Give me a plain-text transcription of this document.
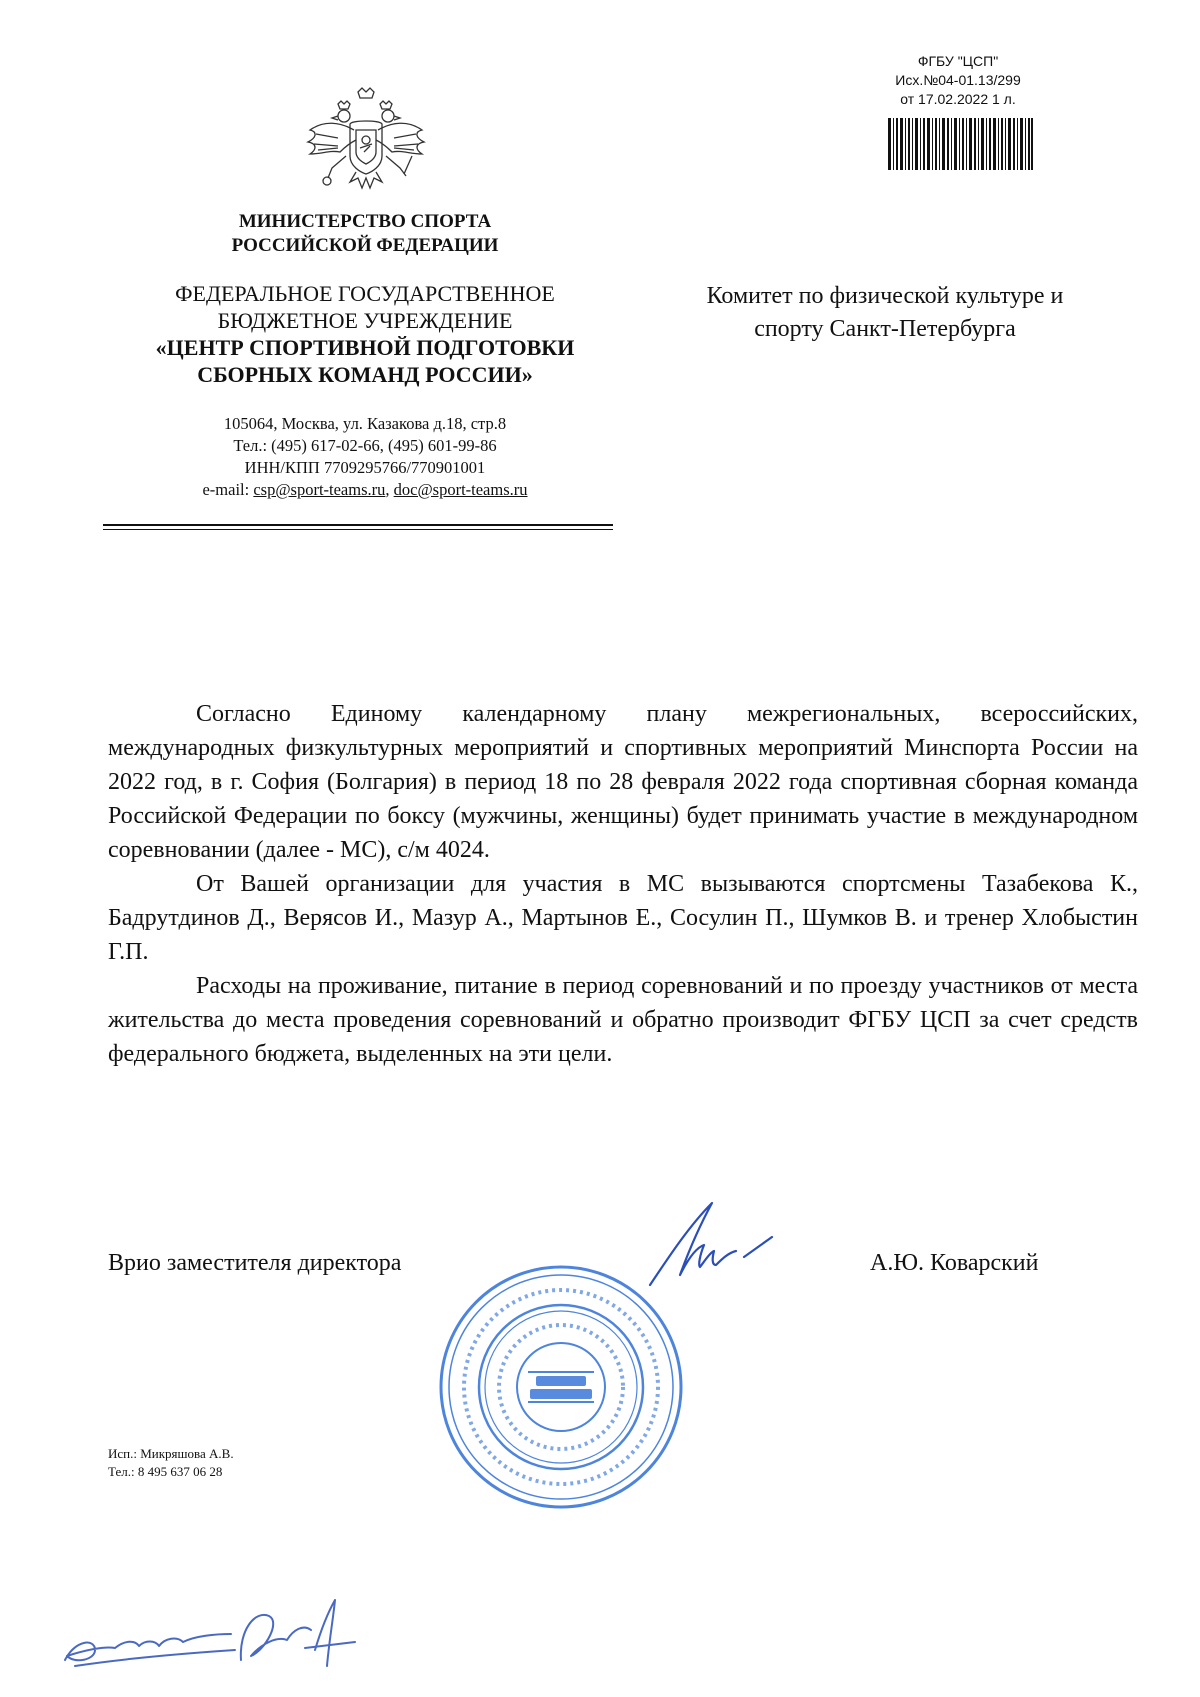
ФГБУ "ЦСП"
Исх.№04-01.13/299
от 17.02.2022 1 л.
МИНИСТЕРСТВО СПОРТА
РОССИЙСКОЙ ФЕДЕРАЦИИ
ФЕДЕРАЛЬНОЕ ГОСУДАРСТВЕННОЕ
БЮДЖЕТНОЕ УЧРЕЖДЕНИЕ
«ЦЕНТР СПОРТИВНОЙ ПОДГОТОВКИ
СБОРНЫХ КОМАНД РОССИИ»
105064, Москва, ул. Казакова д.18, стр.8
Тел.: (495) 617-02-66, (495) 601-99-86
ИНН/КПП 7709295766/770901001
e-mail: csp@sport-teams.ru, doc@sport-teams.ru
Комитет по физической культуре и
спорту Санкт-Петербурга

Согласно Единому календарному плану межрегиональных, всероссийских, международных физкультурных мероприятий и спортивных мероприятий Минспорта России на 2022 год, в г. София (Болгария) в период 18 по 28 февраля 2022 года спортивная сборная команда Российской Федерации по боксу (мужчины, женщины) будет принимать участие в международном соревновании (далее - МС), с/м 4024.

От Вашей организации для участия в МС вызываются спортсмены Тазабекова К., Бадрутдинов Д., Верясов И., Мазур А., Мартынов Е., Сосулин П., Шумков В. и тренер Хлобыстин Г.П.

Расходы на проживание, питание в период соревнований и по проезду участников от места жительства до места проведения соревнований и обратно производит ФГБУ ЦСП за счет средств федерального бюджета, выделенных на эти цели.

Врио заместителя директора	А.Ю. Коварский
Исп.: Микряшова А.В.
Тел.: 8 495 637 06 28
